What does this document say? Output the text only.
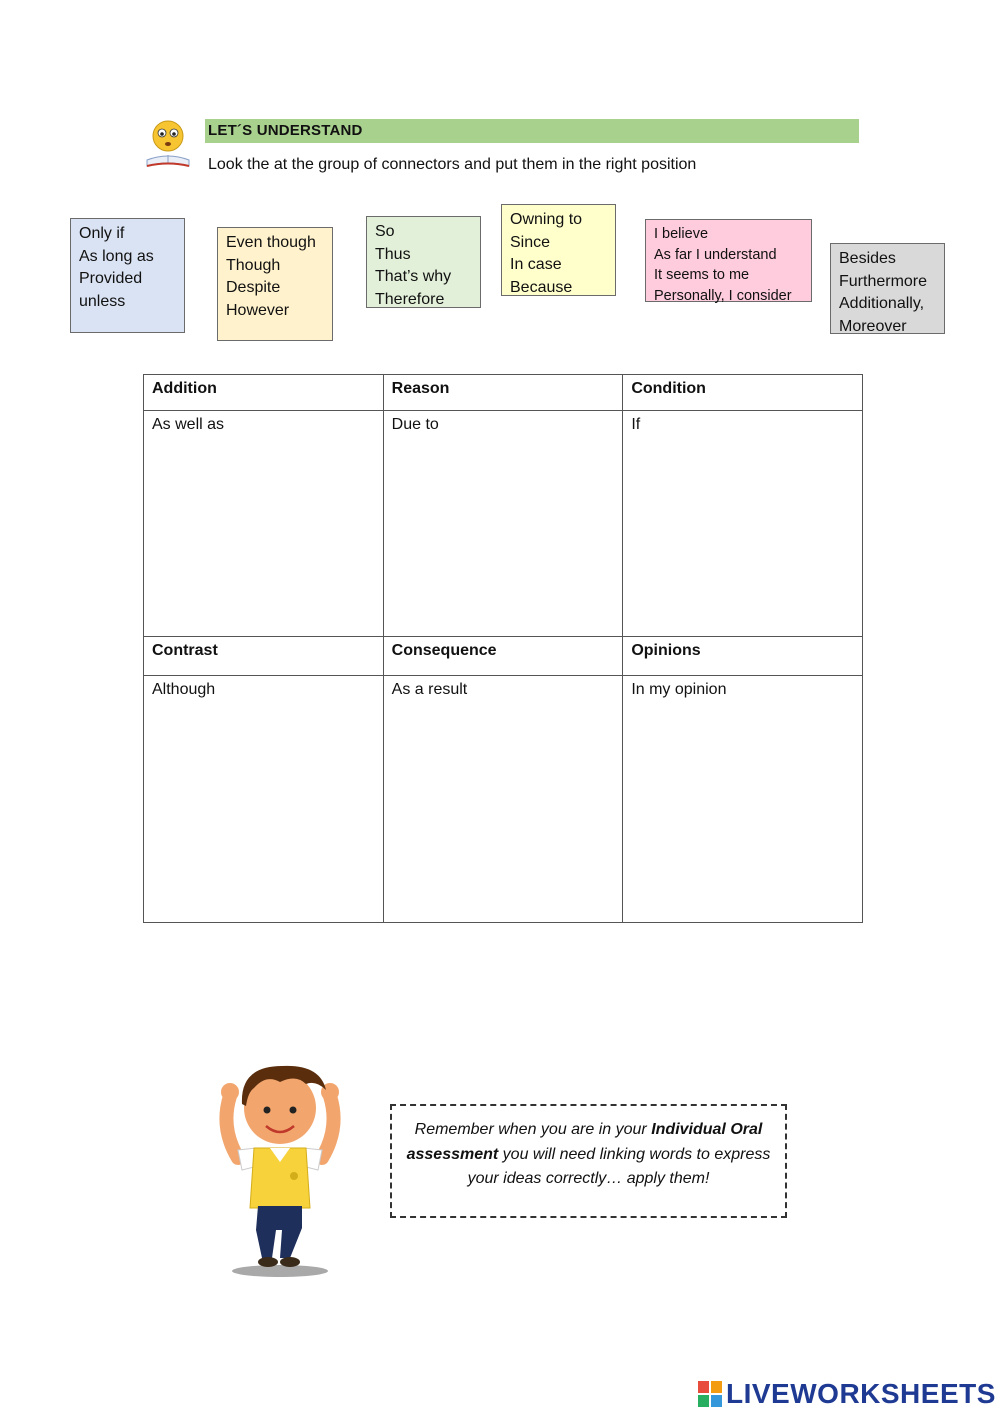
LET´S UNDERSTAND
Look the at the group of connectors and put them in the right position
Only if
As long as
Provided
unless
Even though
Though
Despite
However
So
Thus
That’s why
Therefore
Owning to
Since
In case
Because
I believe
As far I understand
It seems to me
Personally, I consider
Besides
Furthermore
Additionally,
Moreover
Addition	Reason	Condition
As well as	Due to	If
Contrast	Consequence	Opinions
Although	As a result	In my opinion
Remember when you are in your Individual Oral assessment you will need linking words to express your ideas correctly… apply them!
LIVEWORKSHEETS
